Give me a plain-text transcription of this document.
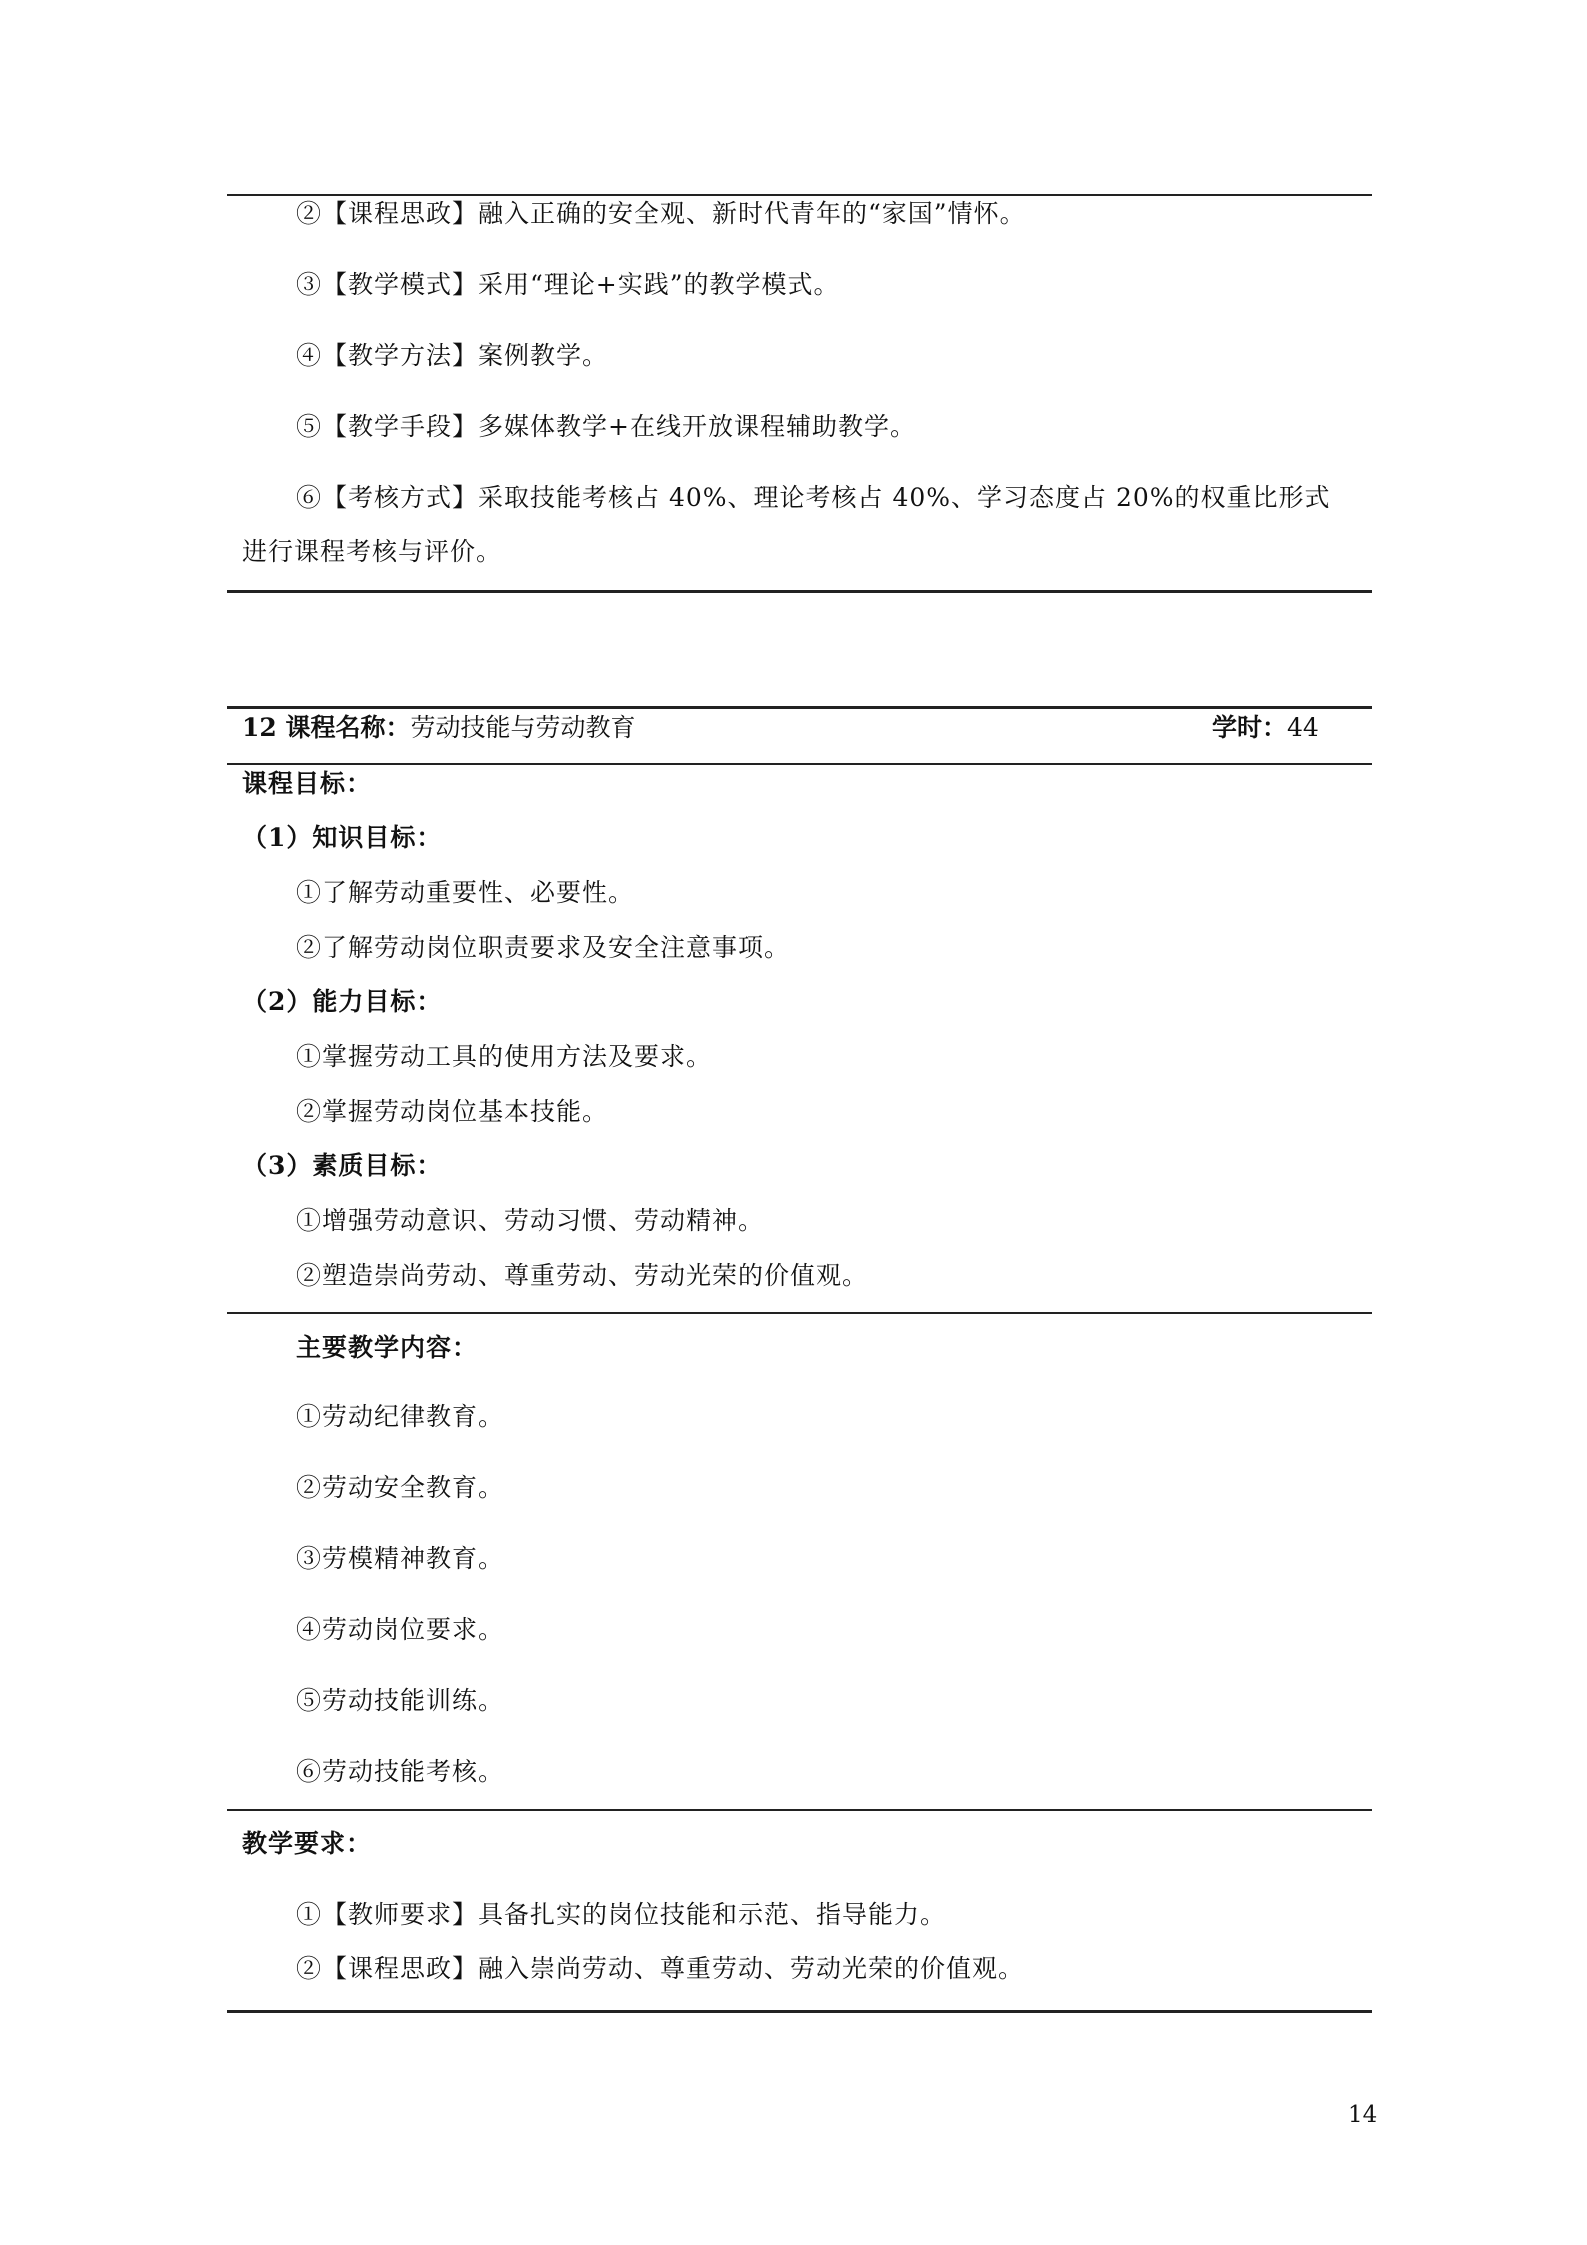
②【课程思政】融入正确的安全观、新时代青年的“家国”情怀。
③【教学模式】采用“理论+实践”的教学模式。
④【教学方法】案例教学。
⑤【教学手段】多媒体教学+在线开放课程辅助教学。
⑥【考核方式】采取技能考核占 40%、理论考核占 40%、学习态度占 20%的权重比形式
进行课程考核与评价。
12 课程名称：劳动技能与劳动教育	学时：44
课程目标：
（1）知识目标：
①了解劳动重要性、必要性。
②了解劳动岗位职责要求及安全注意事项。
（2）能力目标：
①掌握劳动工具的使用方法及要求。
②掌握劳动岗位基本技能。
（3）素质目标：
①增强劳动意识、劳动习惯、劳动精神。
②塑造崇尚劳动、尊重劳动、劳动光荣的价值观。
主要教学内容：
①劳动纪律教育。
②劳动安全教育。
③劳模精神教育。
④劳动岗位要求。
⑤劳动技能训练。
⑥劳动技能考核。
教学要求：
①【教师要求】具备扎实的岗位技能和示范、指导能力。
②【课程思政】融入崇尚劳动、尊重劳动、劳动光荣的价值观。
14
